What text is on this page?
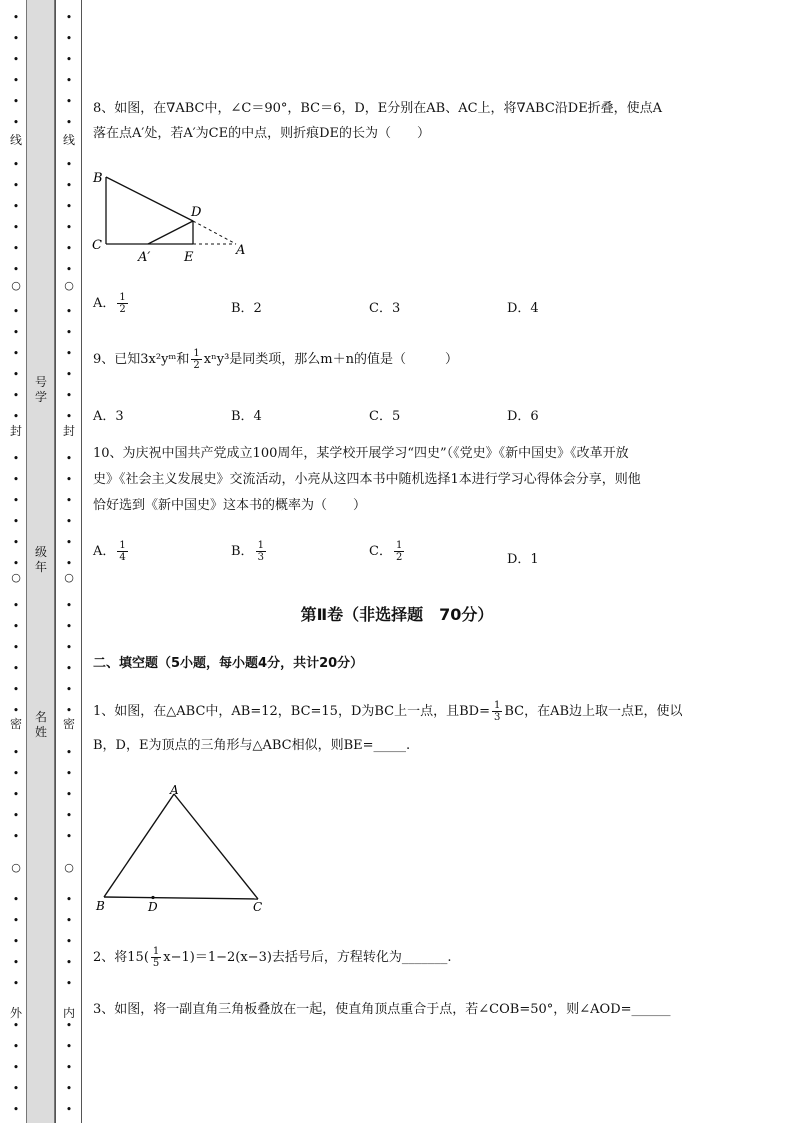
•
•
•
•
•
•
•
•
•
•
•
•
•
•
•
•
•
•
•
•
•
•
•
•
•
•
•
•
•
•
•
•
•
•
•
•
•
•
•
•
•
•
•
•
•
○
○
○
线
封
密
外
号学
级年
名姓
•
•
•
•
•
•
•
•
•
•
•
•
•
•
•
•
•
•
•
•
•
•
•
•
•
•
•
•
•
•
•
•
•
•
•
•
•
•
•
•
•
•
•
•
•
○
○
○
线
封
密
内
8、如图，在∇ABC中，∠C＝90°，BC＝6，D，E分别在AB、AC上，将∇ABC沿DE折叠，使点A
落在点A′处，若A′为CE的中点，则折痕DE的长为（　　）
B
D
C
A′	E	A
A． $\frac{1}{2}$	B．2	C．3	D．4
9、已知3x²yᵐ和 $\frac{1}{2} x^ny^3$是同类项，那么m＋n的值是（　　　）
A．3	B．4	C．5	D．6
10、为庆祝中国共产党成立100周年，某学校开展学习“四史”（《党史》《新中国史》《改革开放
史》《社会主义发展史》交流活动，小亮从这四本书中随机选择1本进行学习心得体会分享，则他
恰好选到《新中国史》这本书的概率为（　　）
A． $\frac{1}{4}$	B． $\frac{1}{3}$	C． $\frac{1}{2}$	D．1
第Ⅱ卷（非选择题　70分）
二、填空题（5小题，每小题4分，共计20分）
1、如图，在△ABC中，AB=12，BC=15，D为BC上一点，且$BD= \frac{1}{3}$ BC，在AB边上取一点E，使以
B，D，E为顶点的三角形与△ABC相似，则BE=_____.
A
B	D	C
2、将$15( \frac{1}{5} x-1)=1-2(x-3)$去括号后，方程转化为_______.
3、如图，将一副直角三角板叠放在一起，使直角顶点重合于点，若∠COB=50°，则∠AOD=______
